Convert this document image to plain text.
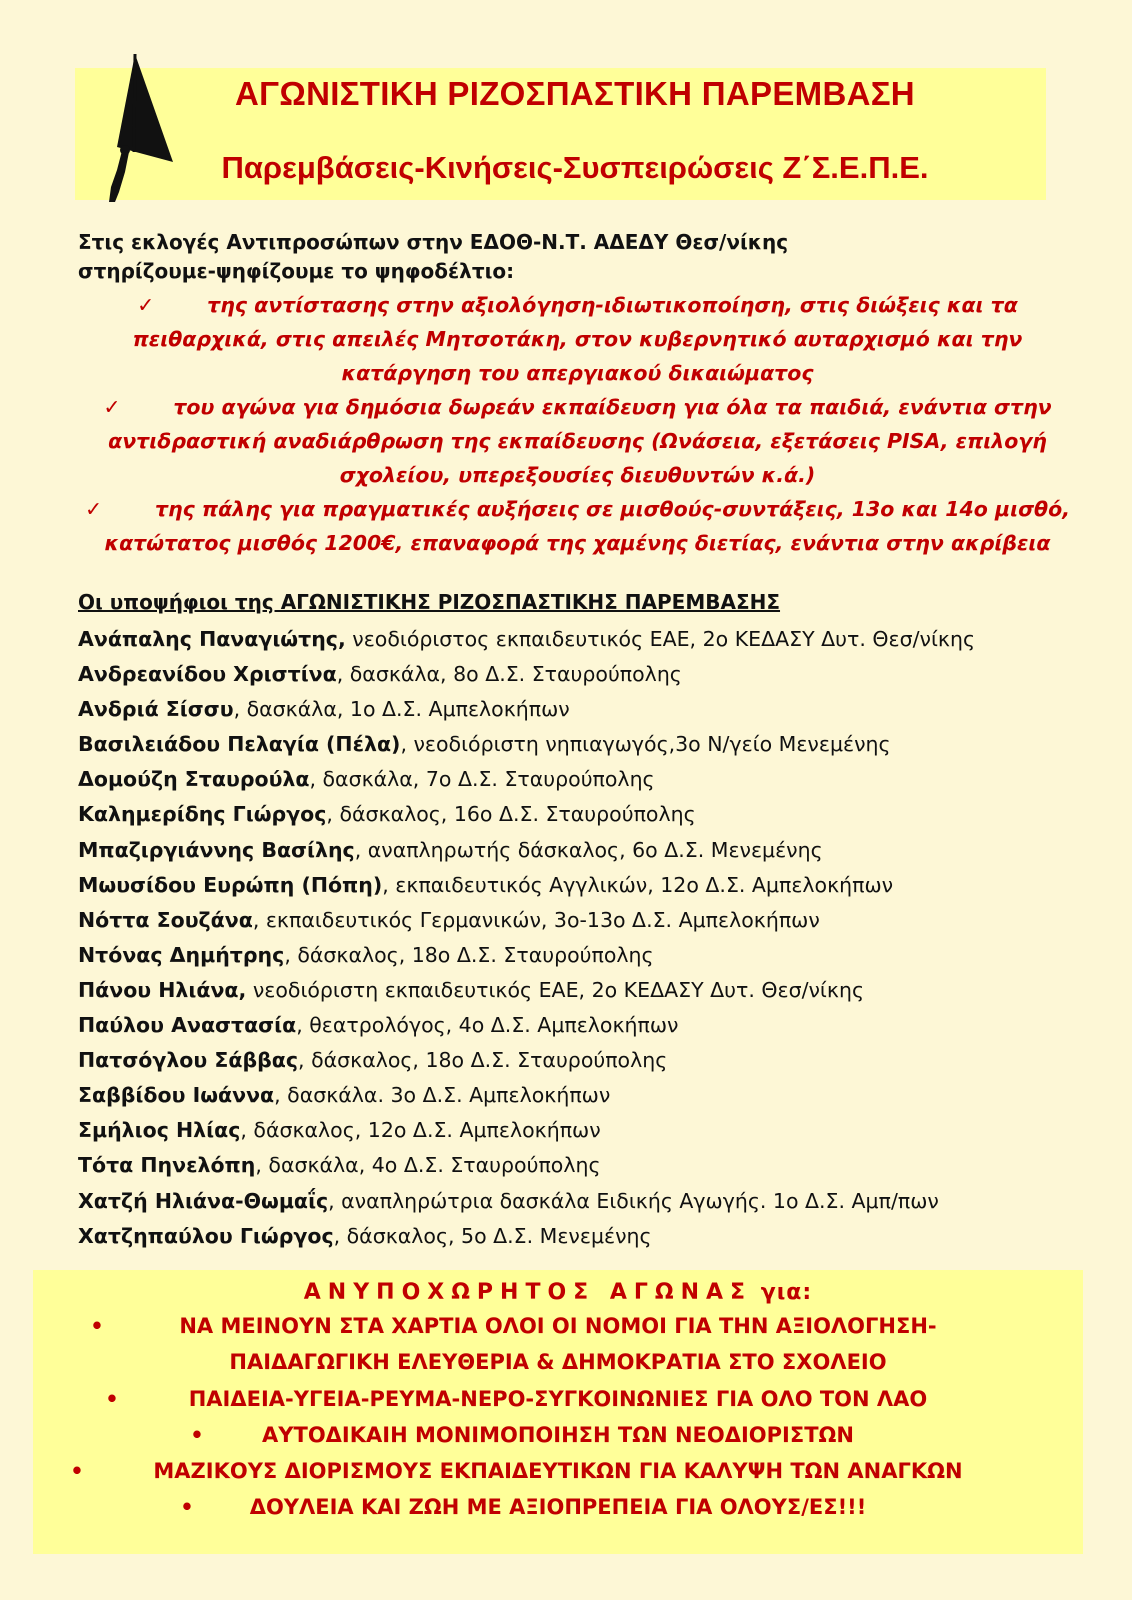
ΑΓΩΝΙΣΤΙΚΗ ΡΙΖΟΣΠΑΣΤΙΚΗ ΠΑΡΕΜΒΑΣΗ
Παρεμβάσεις-Κινήσεις-Συσπειρώσεις Ζ΄Σ.Ε.Π.Ε.
Στις εκλογές Αντιπροσώπων στην ΕΔΟΘ-Ν.Τ. ΑΔΕΔΥ Θεσ/νίκης
στηρίζουμε-ψηφίζουμε το ψηφοδέλτιο:
✓	της αντίστασης στην αξιολόγηση-ιδιωτικοποίηση, στις διώξεις και τα
πειθαρχικά, στις απειλές Μητσοτάκη, στον κυβερνητικό αυταρχισμό και την
κατάργηση του απεργιακού δικαιώματος
✓	του αγώνα για δημόσια δωρεάν εκπαίδευση για όλα τα παιδιά, ενάντια στην
αντιδραστική αναδιάρθρωση της εκπαίδευσης (Ωνάσεια, εξετάσεις PISA, επιλογή
σχολείου, υπερεξουσίες διευθυντών κ.ά.)
✓	της πάλης για πραγματικές αυξήσεις σε μισθούς-συντάξεις, 13ο και 14ο μισθό,
κατώτατος μισθός 1200€, επαναφορά της χαμένης διετίας, ενάντια στην ακρίβεια
Οι υποψήφιοι της ΑΓΩΝΙΣΤΙΚΗΣ ΡΙΖΟΣΠΑΣΤΙΚΗΣ ΠΑΡΕΜΒΑΣΗΣ
Ανάπαλης Παναγιώτης, νεοδιόριστος εκπαιδευτικός ΕΑΕ, 2ο ΚΕΔΑΣΥ Δυτ. Θεσ/νίκης
Ανδρεανίδου Χριστίνα, δασκάλα, 8ο Δ.Σ. Σταυρούπολης
Ανδριά Σίσσυ, δασκάλα, 1ο Δ.Σ. Αμπελοκήπων
Βασιλειάδου Πελαγία (Πέλα), νεοδιόριστη νηπιαγωγός,3ο Ν/γείο Μενεμένης
Δομούζη Σταυρούλα, δασκάλα, 7ο Δ.Σ. Σταυρούπολης
Καλημερίδης Γιώργος, δάσκαλος, 16ο Δ.Σ. Σταυρούπολης
Μπαζιργιάννης Βασίλης, αναπληρωτής δάσκαλος, 6ο Δ.Σ. Μενεμένης
Μωυσίδου Ευρώπη (Πόπη), εκπαιδευτικός Αγγλικών, 12ο Δ.Σ. Αμπελοκήπων
Νόττα Σουζάνα, εκπαιδευτικός Γερμανικών, 3ο-13ο Δ.Σ. Αμπελοκήπων
Ντόνας Δημήτρης, δάσκαλος, 18ο Δ.Σ. Σταυρούπολης
Πάνου Ηλιάνα, νεοδιόριστη εκπαιδευτικός ΕΑΕ, 2ο ΚΕΔΑΣΥ Δυτ. Θεσ/νίκης
Παύλου Αναστασία, θεατρολόγος, 4ο Δ.Σ. Αμπελοκήπων
Πατσόγλου Σάββας, δάσκαλος, 18ο Δ.Σ. Σταυρούπολης
Σαββίδου Ιωάννα, δασκάλα. 3ο Δ.Σ. Αμπελοκήπων
Σμήλιος Ηλίας, δάσκαλος, 12ο Δ.Σ. Αμπελοκήπων
Τότα Πηνελόπη, δασκάλα, 4ο Δ.Σ. Σταυρούπολης
Χατζή Ηλιάνα-Θωμαΐς, αναπληρώτρια δασκάλα Ειδικής Αγωγής. 1ο Δ.Σ. Αμπ/πων
Χατζηπαύλου Γιώργος, δάσκαλος, 5ο Δ.Σ. Μενεμένης
ΑΝΥΠΟΧΩΡΗΤΟΣ ΑΓΩΝΑΣ για:
•	ΝΑ ΜΕΙΝΟΥΝ ΣΤΑ ΧΑΡΤΙΑ ΟΛΟΙ ΟΙ ΝΟΜΟΙ ΓΙΑ ΤΗΝ ΑΞΙΟΛΟΓΗΣΗ-
ΠΑΙΔΑΓΩΓΙΚΗ ΕΛΕΥΘΕΡΙΑ & ΔΗΜΟΚΡΑΤΙΑ ΣΤΟ ΣΧΟΛΕΙΟ
•	ΠΑΙΔΕΙΑ-ΥΓΕΙΑ-ΡΕΥΜΑ-ΝΕΡΟ-ΣΥΓΚΟΙΝΩΝΙΕΣ ΓΙΑ ΟΛΟ ΤΟΝ ΛΑΟ
•	ΑΥΤΟΔΙΚΑΙΗ ΜΟΝΙΜΟΠΟΙΗΣΗ ΤΩΝ ΝΕΟΔΙΟΡΙΣΤΩΝ
•	ΜΑΖΙΚΟΥΣ ΔΙΟΡΙΣΜΟΥΣ ΕΚΠΑΙΔΕΥΤΙΚΩΝ ΓΙΑ ΚΑΛΥΨΗ ΤΩΝ ΑΝΑΓΚΩΝ
•	ΔΟΥΛΕΙΑ ΚΑΙ ΖΩΗ ΜΕ ΑΞΙΟΠΡΕΠΕΙΑ ΓΙΑ ΟΛΟΥΣ/ΕΣ!!!
